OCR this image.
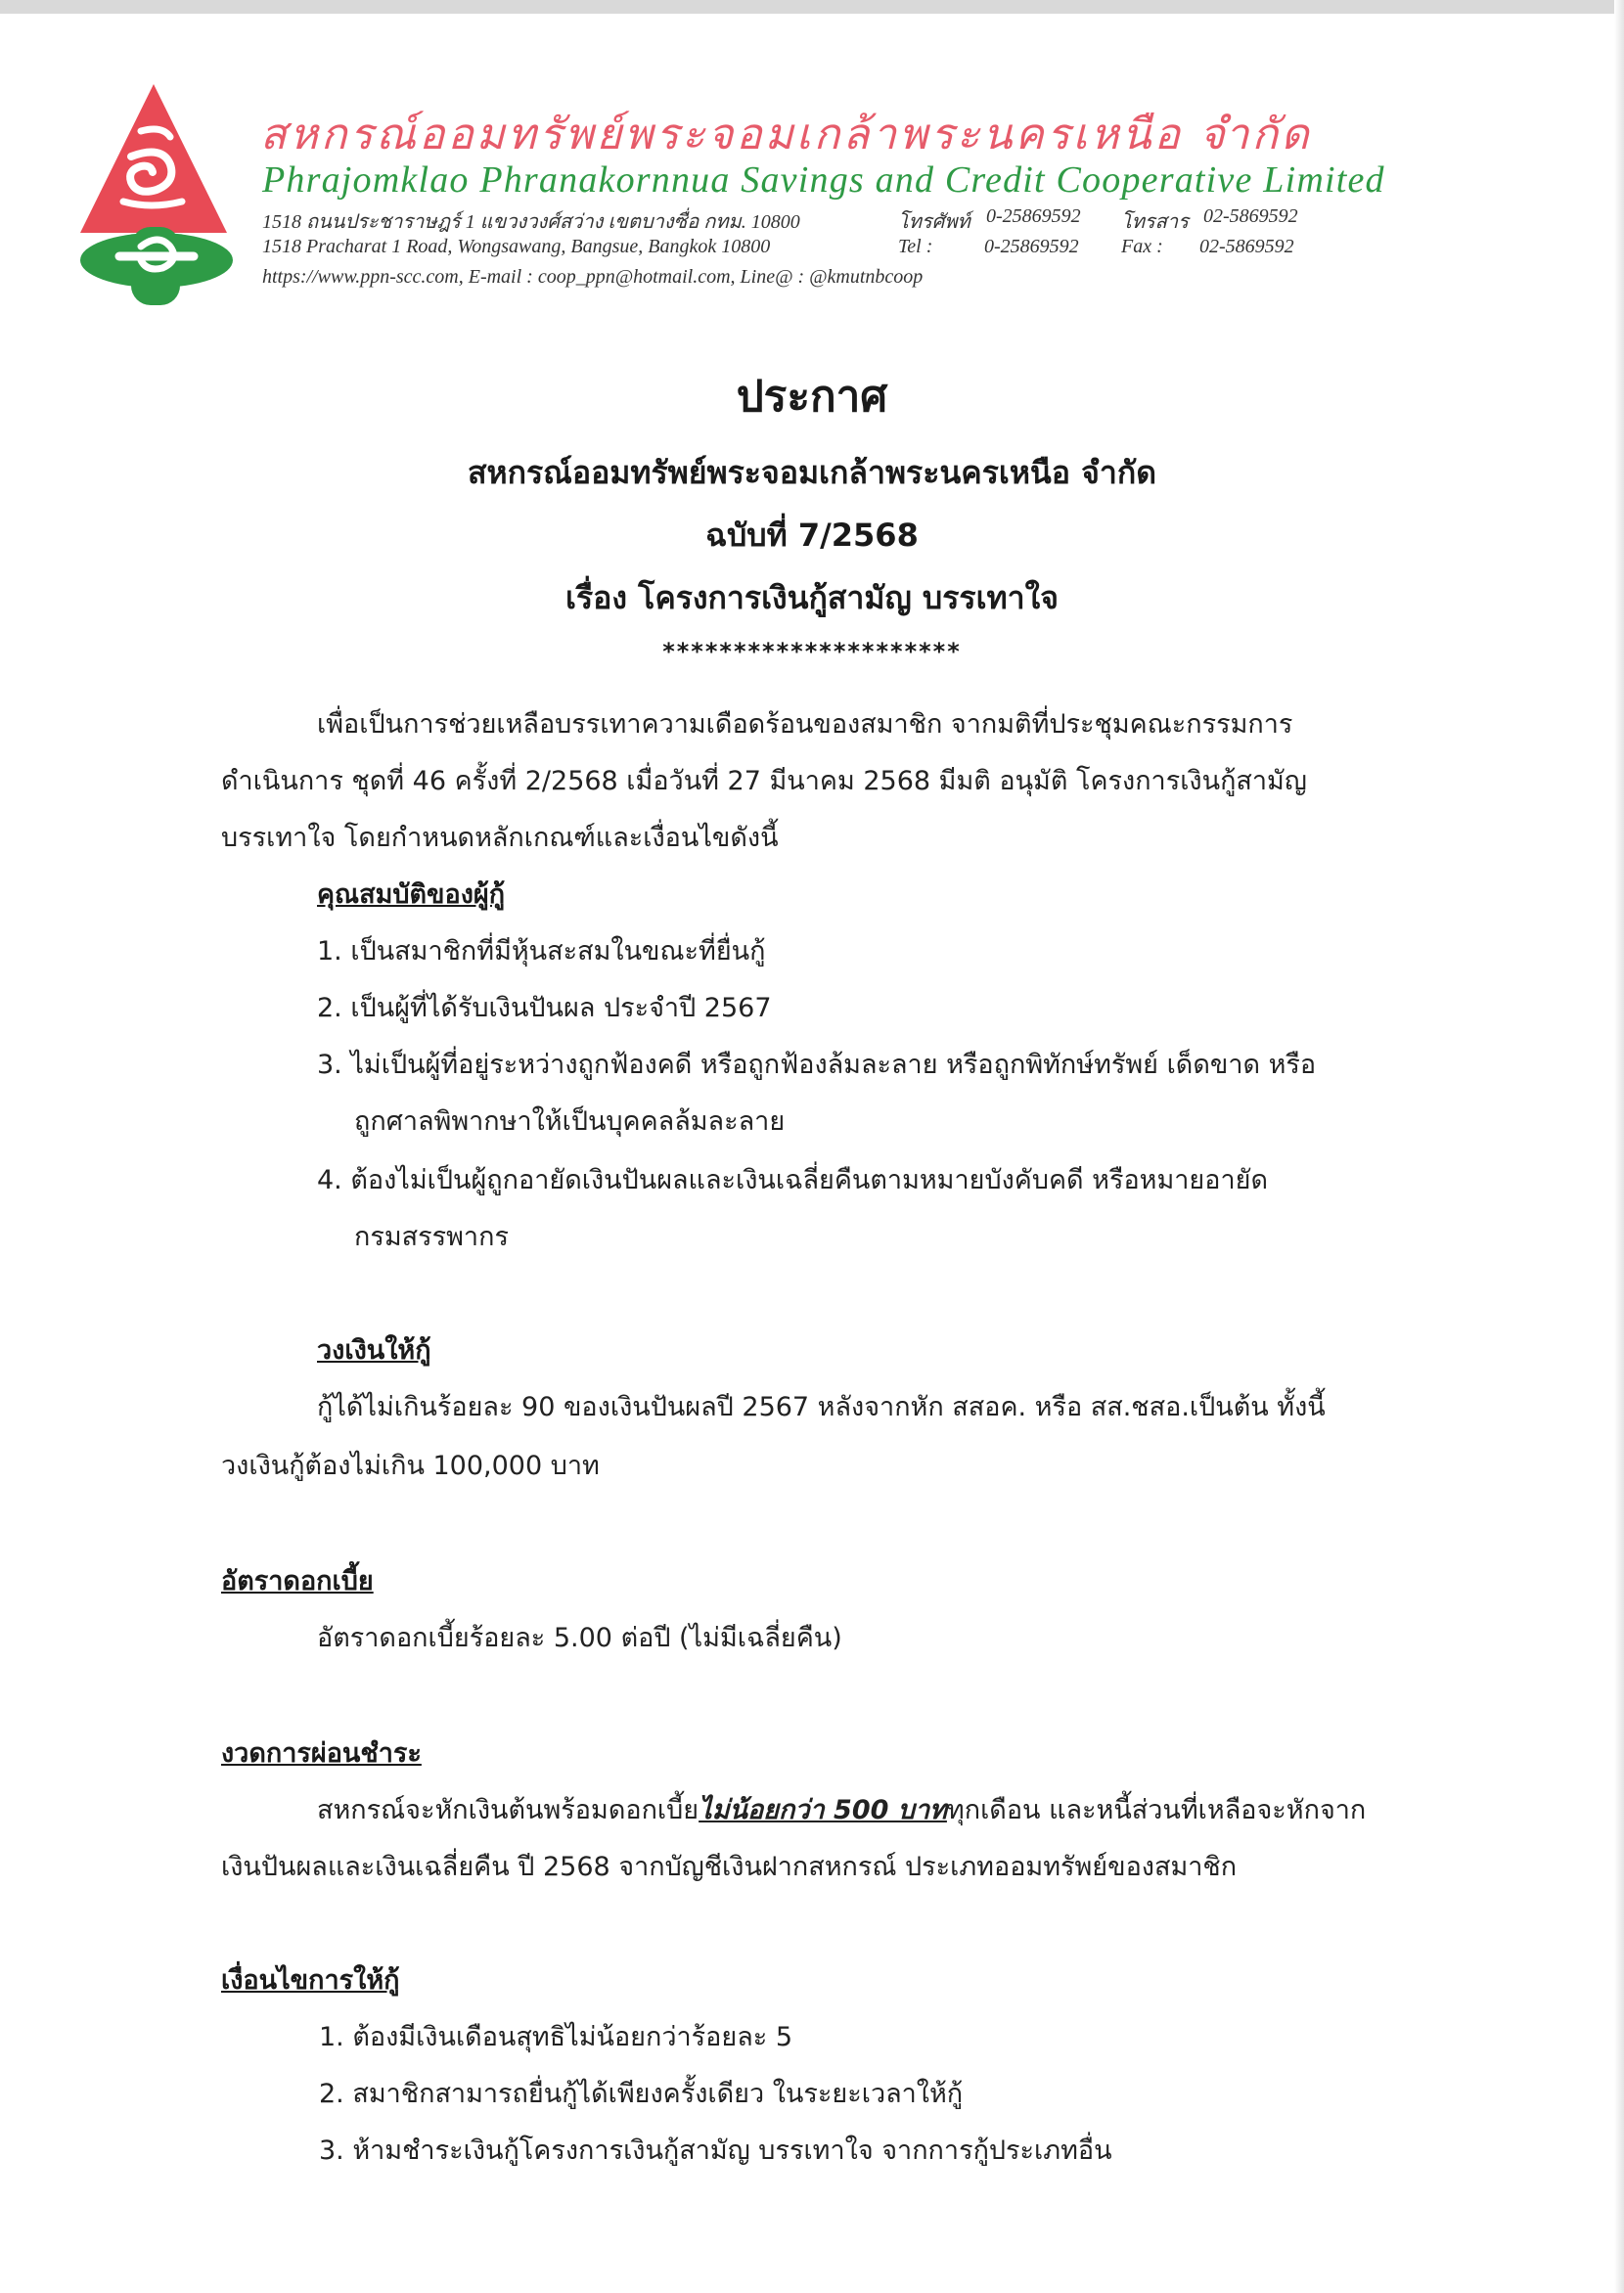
สหกรณ์ออมทรัพย์พระจอมเกล้าพระนครเหนือ จำกัด
Phrajomklao Phranakornnua Savings and Credit Cooperative Limited
1518 ถนนประชาราษฎร์ 1 แขวงวงศ์สว่าง เขตบางซื่อ กทม. 10800
1518 Pracharat 1 Road, Wongsawang, Bangsue, Bangkok 10800
https://www.ppn-scc.com, E-mail : coop_ppn@hotmail.com, Line@ : @kmutnbcoop
โทรศัพท์ 0-25869592 โทรสาร 02-5869592
Tel :	0-25869592 Fax : 02-5869592
ประกาศ
สหกรณ์ออมทรัพย์พระจอมเกล้าพระนครเหนือ จำกัด
ฉบับที่ 7/2568
เรื่อง โครงการเงินกู้สามัญ บรรเทาใจ
*********************
เพื่อเป็นการช่วยเหลือบรรเทาความเดือดร้อนของสมาชิก จากมติที่ประชุมคณะกรรมการ
ดำเนินการ ชุดที่ 46 ครั้งที่ 2/2568 เมื่อวันที่ 27 มีนาคม 2568 มีมติ อนุมัติ โครงการเงินกู้สามัญ
บรรเทาใจ โดยกำหนดหลักเกณฑ์และเงื่อนไขดังนี้
คุณสมบัติของผู้กู้
1. เป็นสมาชิกที่มีหุ้นสะสมในขณะที่ยื่นกู้
2. เป็นผู้ที่ได้รับเงินปันผล ประจำปี 2567
3. ไม่เป็นผู้ที่อยู่ระหว่างถูกฟ้องคดี หรือถูกฟ้องล้มละลาย หรือถูกพิทักษ์ทรัพย์ เด็ดขาด หรือ
ถูกศาลพิพากษาให้เป็นบุคคลล้มละลาย
4. ต้องไม่เป็นผู้ถูกอายัดเงินปันผลและเงินเฉลี่ยคืนตามหมายบังคับคดี หรือหมายอายัด
กรมสรรพากร
วงเงินให้กู้
กู้ได้ไม่เกินร้อยละ 90 ของเงินปันผลปี 2567 หลังจากหัก สสอค. หรือ สส.ชสอ.เป็นต้น ทั้งนี้
วงเงินกู้ต้องไม่เกิน 100,000 บาท
อัตราดอกเบี้ย
อัตราดอกเบี้ยร้อยละ 5.00 ต่อปี (ไม่มีเฉลี่ยคืน)
งวดการผ่อนชำระ
สหกรณ์จะหักเงินต้นพร้อมดอกเบี้ยไม่น้อยกว่า 500 บาททุกเดือน และหนี้ส่วนที่เหลือจะหักจาก
เงินปันผลและเงินเฉลี่ยคืน ปี 2568 จากบัญชีเงินฝากสหกรณ์ ประเภทออมทรัพย์ของสมาชิก
เงื่อนไขการให้กู้
1. ต้องมีเงินเดือนสุทธิไม่น้อยกว่าร้อยละ 5
2. สมาชิกสามารถยื่นกู้ได้เพียงครั้งเดียว ในระยะเวลาให้กู้
3. ห้ามชำระเงินกู้โครงการเงินกู้สามัญ บรรเทาใจ จากการกู้ประเภทอื่น
